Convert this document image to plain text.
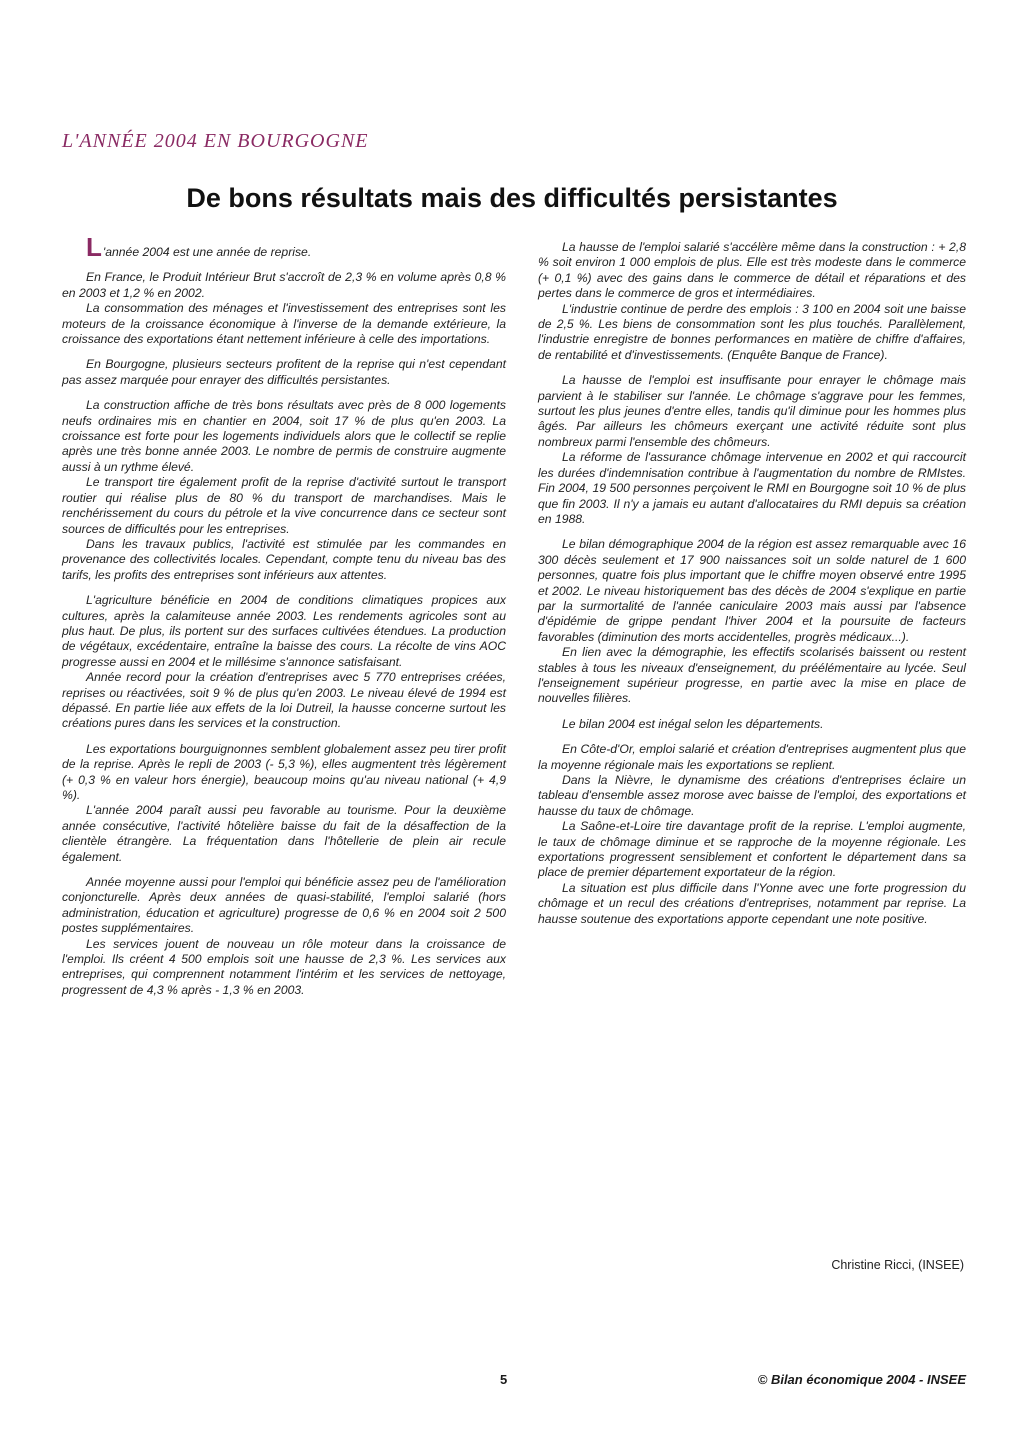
L'ANNÉE 2004 EN BOURGOGNE
De bons résultats mais des difficultés persistantes

L'année 2004 est une année de reprise.

En France, le Produit Intérieur Brut s'accroît de 2,3 % en volume après 0,8 % en 2003 et 1,2 % en 2002.

La consommation des ménages et l'investissement des entreprises sont les moteurs de la croissance économique à l'inverse de la demande extérieure, la croissance des exportations étant nettement inférieure à celle des importations.

En Bourgogne, plusieurs secteurs profitent de la reprise qui n'est cependant pas assez marquée pour enrayer des difficultés persistantes.

La construction affiche de très bons résultats avec près de 8 000 logements neufs ordinaires mis en chantier en 2004, soit 17 % de plus qu'en 2003. La croissance est forte pour les logements individuels alors que le collectif se replie après une très bonne année 2003. Le nombre de permis de construire augmente aussi à un rythme élevé.

Le transport tire également profit de la reprise d'activité surtout le transport routier qui réalise plus de 80 % du transport de marchandises. Mais le renchérissement du cours du pétrole et la vive concurrence dans ce secteur sont sources de difficultés pour les entreprises.

Dans les travaux publics, l'activité est stimulée par les commandes en provenance des collectivités locales. Cependant, compte tenu du niveau bas des tarifs, les profits des entreprises sont inférieurs aux attentes.

L'agriculture bénéficie en 2004 de conditions climatiques propices aux cultures, après la calamiteuse année 2003. Les rendements agricoles sont au plus haut. De plus, ils portent sur des surfaces cultivées étendues. La production de végétaux, excédentaire, entraîne la baisse des cours. La récolte de vins AOC progresse aussi en 2004 et le millésime s'annonce satisfaisant.

Année record pour la création d'entreprises avec 5 770 entreprises créées, reprises ou réactivées, soit 9 % de plus qu'en 2003. Le niveau élevé de 1994 est dépassé. En partie liée aux effets de la loi Dutreil, la hausse concerne surtout les créations pures dans les services et la construction.

Les exportations bourguignonnes semblent globalement assez peu tirer profit de la reprise. Après le repli de 2003 (- 5,3 %), elles augmentent très légèrement (+ 0,3 % en valeur hors énergie), beaucoup moins qu'au niveau national (+ 4,9 %).

L'année 2004 paraît aussi peu favorable au tourisme. Pour la deuxième année consécutive, l'activité hôtelière baisse du fait de la désaffection de la clientèle étrangère. La fréquentation dans l'hôtellerie de plein air recule également.

Année moyenne aussi pour l'emploi qui bénéficie assez peu de l'amélioration conjoncturelle. Après deux années de quasi-stabilité, l'emploi salarié (hors administration, éducation et agriculture) progresse de 0,6 % en 2004 soit 2 500 postes supplémentaires.

Les services jouent de nouveau un rôle moteur dans la croissance de l'emploi. Ils créent 4 500 emplois soit une hausse de 2,3 %. Les services aux entreprises, qui comprennent notamment l'intérim et les services de nettoyage, progressent de 4,3 % après - 1,3 % en 2003.

La hausse de l'emploi salarié s'accélère même dans la construction : + 2,8 % soit environ 1 000 emplois de plus. Elle est très modeste dans le commerce (+ 0,1 %) avec des gains dans le commerce de détail et réparations et des pertes dans le commerce de gros et intermédiaires.

L'industrie continue de perdre des emplois : 3 100 en 2004 soit une baisse de 2,5 %. Les biens de consommation sont les plus touchés. Parallèlement, l'industrie enregistre de bonnes performances en matière de chiffre d'affaires, de rentabilité et d'investissements. (Enquête Banque de France).

La hausse de l'emploi est insuffisante pour enrayer le chômage mais parvient à le stabiliser sur l'année. Le chômage s'aggrave pour les femmes, surtout les plus jeunes d'entre elles, tandis qu'il diminue pour les hommes plus âgés. Par ailleurs les chômeurs exerçant une activité réduite sont plus nombreux parmi l'ensemble des chômeurs.

La réforme de l'assurance chômage intervenue en 2002 et qui raccourcit les durées d'indemnisation contribue à l'augmentation du nombre de RMIstes. Fin 2004, 19 500 personnes perçoivent le RMI en Bourgogne soit 10 % de plus que fin 2003. Il n'y a jamais eu autant d'allocataires du RMI depuis sa création en 1988.

Le bilan démographique 2004 de la région est assez remarquable avec 16 300 décès seulement et 17 900 naissances soit un solde naturel de 1 600 personnes, quatre fois plus important que le chiffre moyen observé entre 1995 et 2002. Le niveau historiquement bas des décès de 2004 s'explique en partie par la surmortalité de l'année caniculaire 2003 mais aussi par l'absence d'épidémie de grippe pendant l'hiver 2004 et la poursuite de facteurs favorables (diminution des morts accidentelles, progrès médicaux...).

En lien avec la démographie, les effectifs scolarisés baissent ou restent stables à tous les niveaux d'enseignement, du préélémentaire au lycée. Seul l'enseignement supérieur progresse, en partie avec la mise en place de nouvelles filières.

Le bilan 2004 est inégal selon les départements.

En Côte-d'Or, emploi salarié et création d'entreprises augmentent plus que la moyenne régionale mais les exportations se replient.

Dans la Nièvre, le dynamisme des créations d'entreprises éclaire un tableau d'ensemble assez morose avec baisse de l'emploi, des exportations et hausse du taux de chômage.

La Saône-et-Loire tire davantage profit de la reprise. L'emploi augmente, le taux de chômage diminue et se rapproche de la moyenne régionale. Les exportations progressent sensiblement et confortent le département dans sa place de premier département exportateur de la région.

La situation est plus difficile dans l'Yonne avec une forte progression du chômage et un recul des créations d'entreprises, notamment par reprise. La hausse soutenue des exportations apporte cependant une note positive.

Christine Ricci, (INSEE)

5	© Bilan économique 2004 - INSEE
